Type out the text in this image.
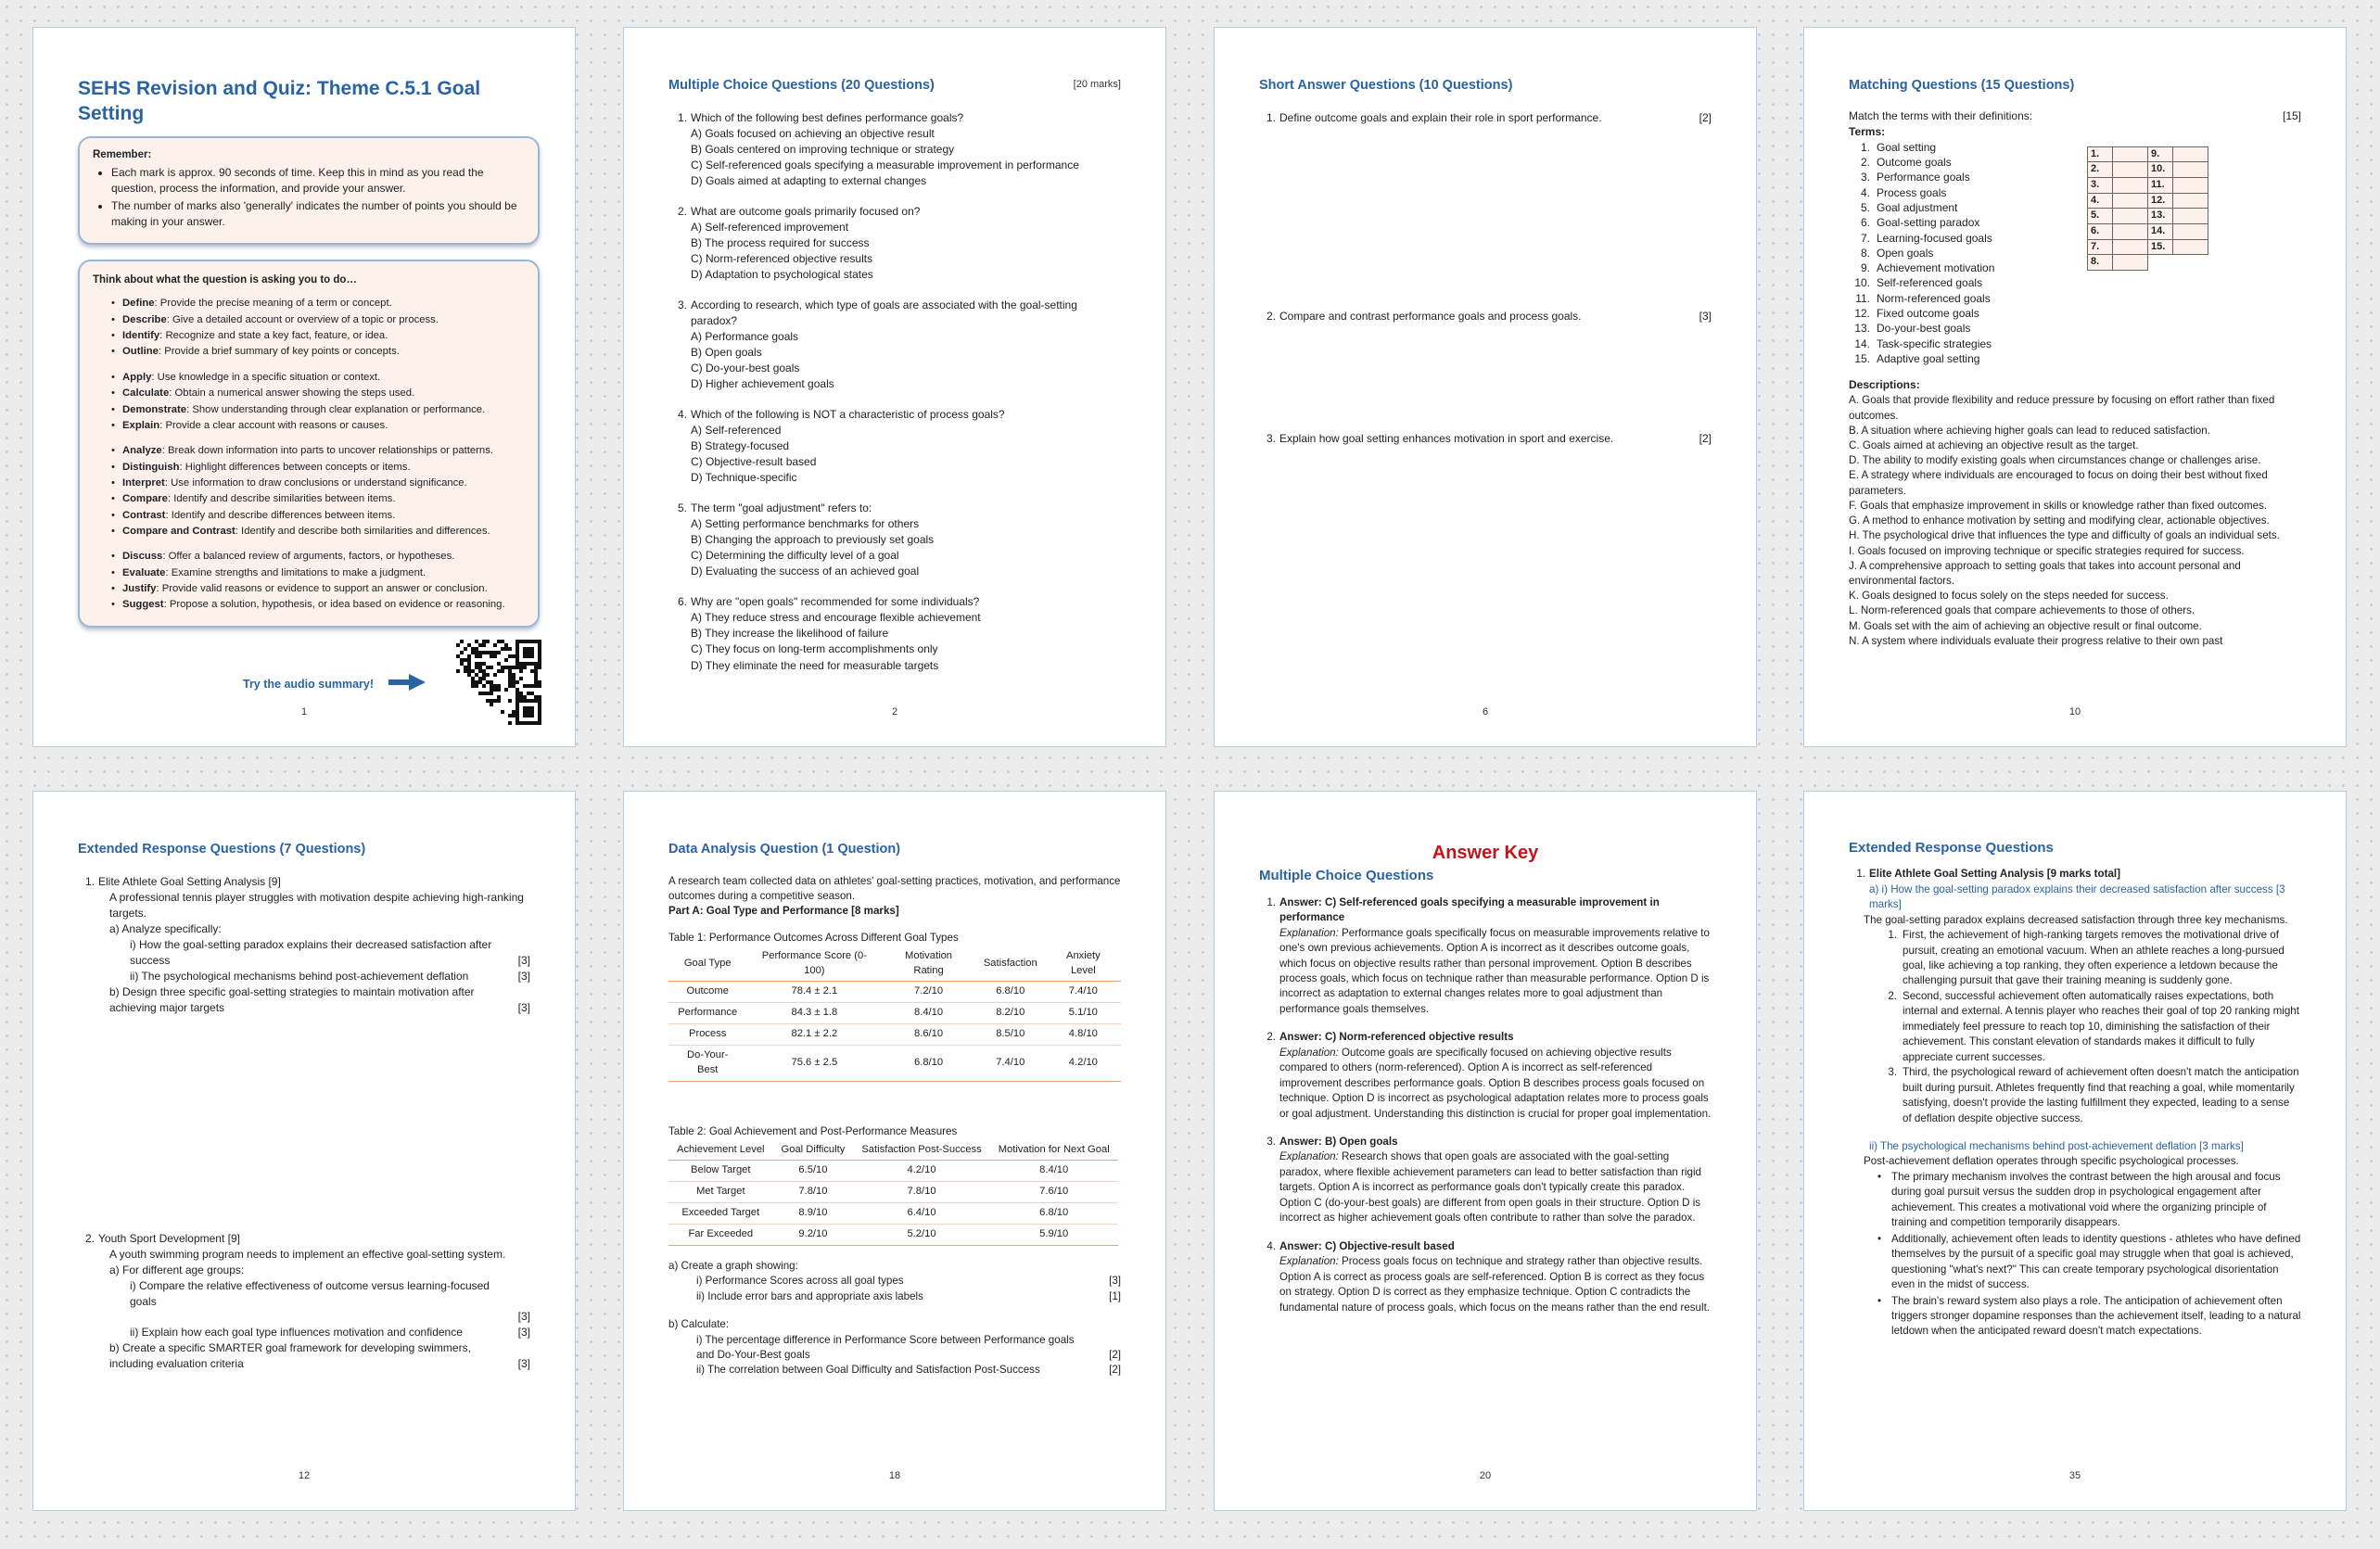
SEHS Revision and Quiz: Theme C.5.1 Goal Setting
Remember:
• Each mark is approx. 90 seconds of time. Keep this in mind as you read the question, process the information, and provide your answer.
• The number of marks also 'generally' indicates the number of points you should be making in your answer.
Think about what the question is asking you to do…
• Define: Provide the precise meaning of a term or concept.
• Describe: Give a detailed account or overview of a topic or process.
• Identify: Recognize and state a key fact, feature, or idea.
• Outline: Provide a brief summary of key points or concepts.
• Apply: Use knowledge in a specific situation or context.
• Calculate: Obtain a numerical answer showing the steps used.
• Demonstrate: Show understanding through clear explanation or performance.
• Explain: Provide a clear account with reasons or causes.
• Analyze: Break down information into parts to uncover relationships or patterns.
• Distinguish: Highlight differences between concepts or items.
• Interpret: Use information to draw conclusions or understand significance.
• Compare: Identify and describe similarities between items.
• Contrast: Identify and describe differences between items.
• Compare and Contrast: Identify and describe both similarities and differences.
• Discuss: Offer a balanced review of arguments, factors, or hypotheses.
• Evaluate: Examine strengths and limitations to make a judgment.
• Justify: Provide valid reasons or evidence to support an answer or conclusion.
• Suggest: Propose a solution, hypothesis, or idea based on evidence or reasoning.
Try the audio summary!
1
Multiple Choice Questions (20 Questions)	[20 marks]
1. Which of the following best defines performance goals?
A) Goals focused on achieving an objective result
B) Goals centered on improving technique or strategy
C) Self-referenced goals specifying a measurable improvement in performance
D) Goals aimed at adapting to external changes
2. What are outcome goals primarily focused on?
A) Self-referenced improvement
B) The process required for success
C) Norm-referenced objective results
D) Adaptation to psychological states
3. According to research, which type of goals are associated with the goal-setting paradox?
A) Performance goals
B) Open goals
C) Do-your-best goals
D) Higher achievement goals
4. Which of the following is NOT a characteristic of process goals?
A) Self-referenced
B) Strategy-focused
C) Objective-result based
D) Technique-specific
5. The term "goal adjustment" refers to:
A) Setting performance benchmarks for others
B) Changing the approach to previously set goals
C) Determining the difficulty level of a goal
D) Evaluating the success of an achieved goal
6. Why are "open goals" recommended for some individuals?
A) They reduce stress and encourage flexible achievement
B) They increase the likelihood of failure
C) They focus on long-term accomplishments only
D) They eliminate the need for measurable targets
2
Short Answer Questions (10 Questions)
1. Define outcome goals and explain their role in sport performance.	[2]
2. Compare and contrast performance goals and process goals.	[3]
3. Explain how goal setting enhances motivation in sport and exercise.	[2]
6
Matching Questions (15 Questions)
Match the terms with their definitions:	[15]
Terms:
1. Goal setting
2. Outcome goals
3. Performance goals
4. Process goals
5. Goal adjustment
6. Goal-setting paradox
7. Learning-focused goals
8. Open goals
9. Achievement motivation
10. Self-referenced goals
11. Norm-referenced goals
12. Fixed outcome goals
13. Do-your-best goals
14. Task-specific strategies
15. Adaptive goal setting
1.		9.	
2.		10.	
3.		11.	
4.		12.	
5.		13.	
6.		14.	
7.		15.	
8.			
Descriptions:
A. Goals that provide flexibility and reduce pressure by focusing on effort rather than fixed outcomes.
B. A situation where achieving higher goals can lead to reduced satisfaction.
C. Goals aimed at achieving an objective result as the target.
D. The ability to modify existing goals when circumstances change or challenges arise.
E. A strategy where individuals are encouraged to focus on doing their best without fixed parameters.
F. Goals that emphasize improvement in skills or knowledge rather than fixed outcomes.
G. A method to enhance motivation by setting and modifying clear, actionable objectives.
H. The psychological drive that influences the type and difficulty of goals an individual sets.
I. Goals focused on improving technique or specific strategies required for success.
J. A comprehensive approach to setting goals that takes into account personal and environmental factors.
K. Goals designed to focus solely on the steps needed for success.
L. Norm-referenced goals that compare achievements to those of others.
M. Goals set with the aim of achieving an objective result or final outcome.
N. A system where individuals evaluate their progress relative to their own past
10
Extended Response Questions (7 Questions)
1. Elite Athlete Goal Setting Analysis [9]
A professional tennis player struggles with motivation despite achieving high-ranking targets.
a) Analyze specifically:
i) How the goal-setting paradox explains their decreased satisfaction after success	[3]
ii) The psychological mechanisms behind post-achievement deflation	[3]
b) Design three specific goal-setting strategies to maintain motivation after achieving major targets	[3]
2. Youth Sport Development [9]
A youth swimming program needs to implement an effective goal-setting system.
a) For different age groups:
i) Compare the relative effectiveness of outcome versus learning-focused goals
[3]
ii) Explain how each goal type influences motivation and confidence	[3]
b) Create a specific SMARTER goal framework for developing swimmers, including evaluation criteria	[3]
12
Data Analysis Question (1 Question)
A research team collected data on athletes' goal-setting practices, motivation, and performance outcomes during a competitive season.
Part A: Goal Type and Performance [8 marks]
Table 1: Performance Outcomes Across Different Goal Types
Goal Type	Performance Score (0-100)	Motivation Rating	Satisfaction	Anxiety Level
Outcome	78.4 ± 2.1	7.2/10	6.8/10	7.4/10
Performance	84.3 ± 1.8	8.4/10	8.2/10	5.1/10
Process	82.1 ± 2.2	8.6/10	8.5/10	4.8/10
Do-Your-Best	75.6 ± 2.5	6.8/10	7.4/10	4.2/10
Table 2: Goal Achievement and Post-Performance Measures
Achievement Level	Goal Difficulty	Satisfaction Post-Success	Motivation for Next Goal
Below Target	6.5/10	4.2/10	8.4/10
Met Target	7.8/10	7.8/10	7.6/10
Exceeded Target	8.9/10	6.4/10	6.8/10
Far Exceeded	9.2/10	5.2/10	5.9/10
a) Create a graph showing:
i) Performance Scores across all goal types	[3]
ii) Include error bars and appropriate axis labels	[1]
b) Calculate:
i) The percentage difference in Performance Score between Performance goals and Do-Your-Best goals	[2]
ii) The correlation between Goal Difficulty and Satisfaction Post-Success	[2]
18
Answer Key
Multiple Choice Questions
1. Answer: C) Self-referenced goals specifying a measurable improvement in performance
Explanation: Performance goals specifically focus on measurable improvements relative to one's own previous achievements. Option A is incorrect as it describes outcome goals, which focus on objective results rather than personal improvement. Option B describes process goals, which focus on technique rather than measurable performance. Option D is incorrect as adaptation to external changes relates more to goal adjustment than performance goals themselves.
2. Answer: C) Norm-referenced objective results
Explanation: Outcome goals are specifically focused on achieving objective results compared to others (norm-referenced). Option A is incorrect as self-referenced improvement describes performance goals. Option B describes process goals focused on technique. Option D is incorrect as psychological adaptation relates more to process goals or goal adjustment. Understanding this distinction is crucial for proper goal implementation.
3. Answer: B) Open goals
Explanation: Research shows that open goals are associated with the goal-setting paradox, where flexible achievement parameters can lead to better satisfaction than rigid targets. Option A is incorrect as performance goals don't typically create this paradox. Option C (do-your-best goals) are different from open goals in their structure. Option D is incorrect as higher achievement goals often contribute to rather than solve the paradox.
4. Answer: C) Objective-result based
Explanation: Process goals focus on technique and strategy rather than objective results. Option A is correct as process goals are self-referenced. Option B is correct as they focus on strategy. Option D is correct as they emphasize technique. Option C contradicts the fundamental nature of process goals, which focus on the means rather than the end result.
20
Extended Response Questions
1. Elite Athlete Goal Setting Analysis [9 marks total]
a) i) How the goal-setting paradox explains their decreased satisfaction after success [3 marks]
The goal-setting paradox explains decreased satisfaction through three key mechanisms.
1. First, the achievement of high-ranking targets removes the motivational drive of pursuit, creating an emotional vacuum. When an athlete reaches a long-pursued goal, like achieving a top ranking, they often experience a letdown because the challenging pursuit that gave their training meaning is suddenly gone.
2. Second, successful achievement often automatically raises expectations, both internal and external. A tennis player who reaches their goal of top 20 ranking might immediately feel pressure to reach top 10, diminishing the satisfaction of their achievement. This constant elevation of standards makes it difficult to fully appreciate current successes.
3. Third, the psychological reward of achievement often doesn't match the anticipation built during pursuit. Athletes frequently find that reaching a goal, while momentarily satisfying, doesn't provide the lasting fulfillment they expected, leading to a sense of deflation despite objective success.
ii) The psychological mechanisms behind post-achievement deflation [3 marks]
Post-achievement deflation operates through specific psychological processes.
• The primary mechanism involves the contrast between the high arousal and focus during goal pursuit versus the sudden drop in psychological engagement after achievement. This creates a motivational void where the organizing principle of training and competition temporarily disappears.
• Additionally, achievement often leads to identity questions - athletes who have defined themselves by the pursuit of a specific goal may struggle when that goal is achieved, questioning "what's next?" This can create temporary psychological disorientation even in the midst of success.
• The brain's reward system also plays a role. The anticipation of achievement often triggers stronger dopamine responses than the achievement itself, leading to a natural letdown when the anticipated reward doesn't match expectations.
35
